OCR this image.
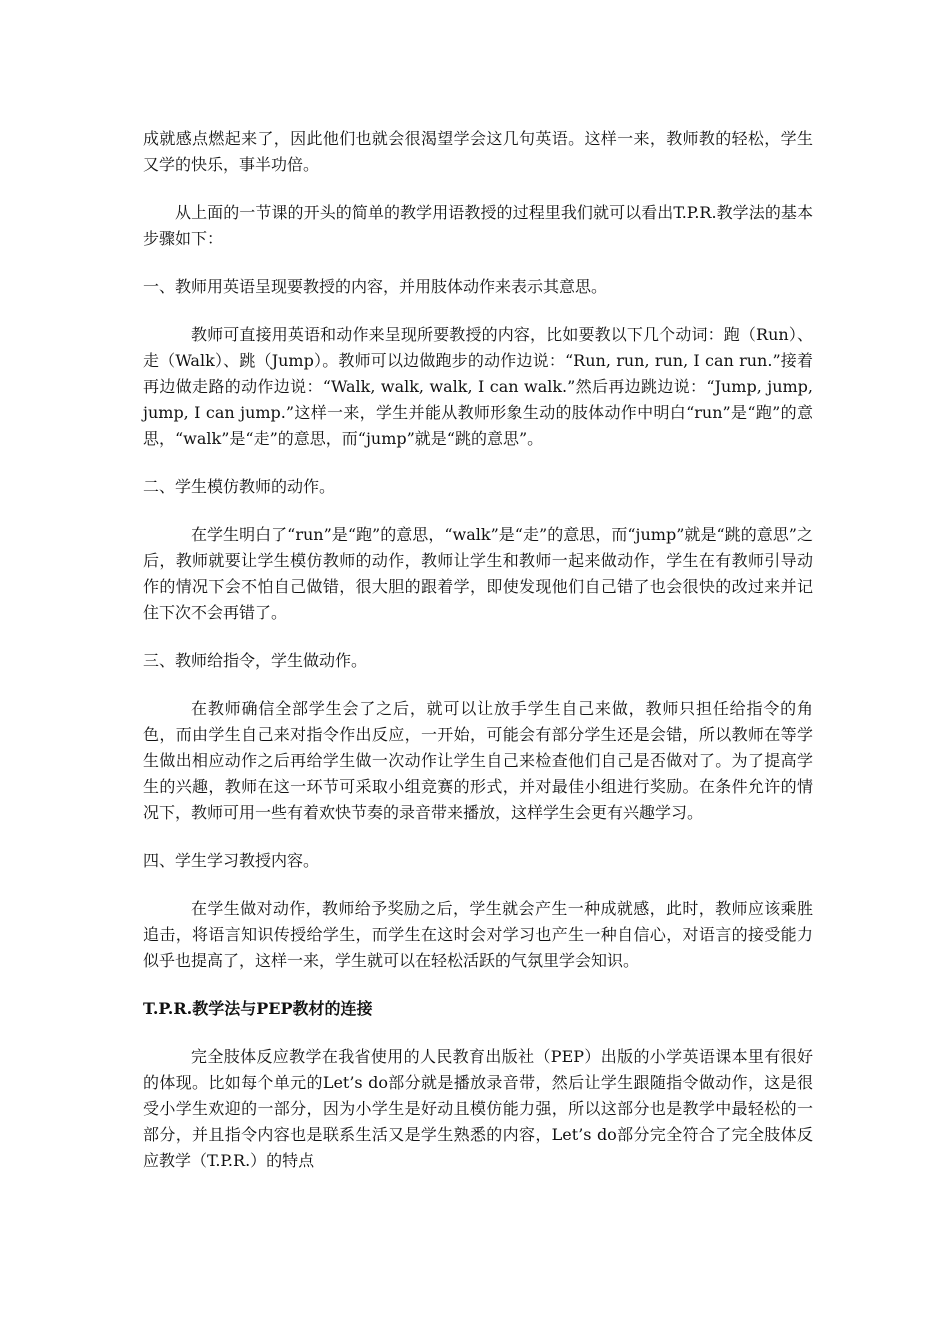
成就感点燃起来了，因此他们也就会很渴望学会这几句英语。这样一来，教师教的轻松，学生又学的快乐，事半功倍。

从上面的一节课的开头的简单的教学用语教授的过程里我们就可以看出T.P.R.教学法的基本步骤如下：

一、教师用英语呈现要教授的内容，并用肢体动作来表示其意思。

教师可直接用英语和动作来呈现所要教授的内容，比如要教以下几个动词：跑（Run）、走（Walk）、跳（Jump）。教师可以边做跑步的动作边说：“Run, run, run, I can run.”接着再边做走路的动作边说：“Walk, walk, walk, I can walk.”然后再边跳边说：“Jump, jump, jump, I can jump.”这样一来，学生并能从教师形象生动的肢体动作中明白“run”是“跑”的意思，“walk”是“走”的意思，而“jump”就是“跳的意思”。

二、学生模仿教师的动作。

在学生明白了“run”是“跑”的意思，“walk”是“走”的意思，而“jump”就是“跳的意思”之后，教师就要让学生模仿教师的动作，教师让学生和教师一起来做动作，学生在有教师引导动作的情况下会不怕自己做错，很大胆的跟着学，即使发现他们自己错了也会很快的改过来并记住下次不会再错了。

三、教师给指令，学生做动作。

在教师确信全部学生会了之后，就可以让放手学生自己来做，教师只担任给指令的角色，而由学生自己来对指令作出反应，一开始，可能会有部分学生还是会错，所以教师在等学生做出相应动作之后再给学生做一次动作让学生自己来检查他们自己是否做对了。为了提高学生的兴趣，教师在这一环节可采取小组竞赛的形式，并对最佳小组进行奖励。在条件允许的情况下，教师可用一些有着欢快节奏的录音带来播放，这样学生会更有兴趣学习。

四、学生学习教授内容。

在学生做对动作，教师给予奖励之后，学生就会产生一种成就感，此时，教师应该乘胜追击，将语言知识传授给学生，而学生在这时会对学习也产生一种自信心，对语言的接受能力似乎也提高了，这样一来，学生就可以在轻松活跃的气氛里学会知识。

T.P.R.教学法与PEP教材的连接

完全肢体反应教学在我省使用的人民教育出版社（PEP）出版的小学英语课本里有很好的体现。比如每个单元的Let’s do部分就是播放录音带，然后让学生跟随指令做动作，这是很受小学生欢迎的一部分，因为小学生是好动且模仿能力强，所以这部分也是教学中最轻松的一部分，并且指令内容也是联系生活又是学生熟悉的内容，Let’s do部分完全符合了完全肢体反应教学（T.P.R.）的特点
